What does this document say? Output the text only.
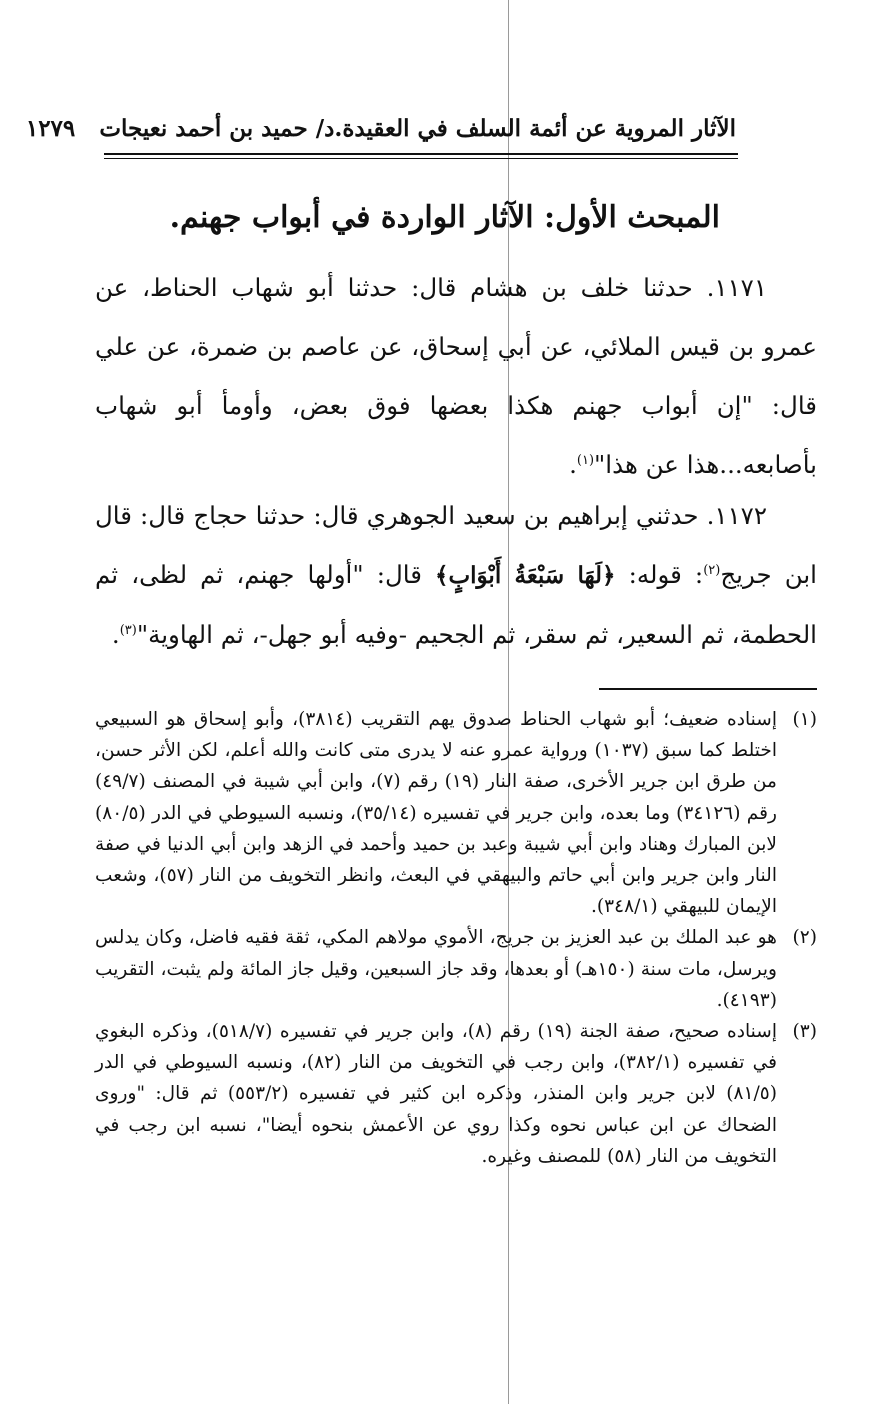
الآثار المروية عن أئمة السلف في العقيدة.د/ حميد بن أحمد نعيجات   ١٢٧٩
المبحث الأول: الآثار الواردة في أبواب جهنم.
١١٧١. حدثنا خلف بن هشام قال: حدثنا أبو شهاب الحناط، عن عمرو بن قيس الملائي، عن أبي إسحاق، عن عاصم بن ضمرة، عن علي قال: "إن أبواب جهنم هكذا بعضها فوق بعض، وأومأ أبو شهاب بأصابعه...هذا عن هذا"$^{(١)}$.
١١٧٢. حدثني إبراهيم بن سعيد الجوهري قال: حدثنا حجاج قال: قال ابن جريج$^{(٢)}$: قوله: ﴿لَهَا سَبْعَةُ أَبْوَابٍ﴾ قال: "أولها جهنم، ثم لظى، ثم الحطمة، ثم السعير، ثم سقر، ثم الجحيم -وفيه أبو جهل-، ثم الهاوية"$^{(٣)}$.
(١)
إسناده ضعيف؛ أبو شهاب الحناط صدوق يهم التقريب (٣٨١٤)، وأبو إسحاق هو السبيعي اختلط كما سبق (١٠٣٧) ورواية عمرو عنه لا يدرى متى كانت والله أعلم، لكن الأثر حسن، من طرق ابن جرير الأخرى، صفة النار (١٩) رقم (٧)، وابن أبي شيبة في المصنف (٤٩/٧) رقم (٣٤١٢٦) وما بعده، وابن جرير في تفسيره (٣٥/١٤)، ونسبه السيوطي في الدر (٨٠/٥) لابن المبارك وهناد وابن أبي شيبة وعبد بن حميد وأحمد في الزهد وابن أبي الدنيا في صفة النار وابن جرير وابن أبي حاتم والبيهقي في البعث، وانظر التخويف من النار (٥٧)، وشعب الإيمان للبيهقي (٣٤٨/١).
(٢)
هو عبد الملك بن عبد العزيز بن جريج، الأموي مولاهم المكي، ثقة فقيه فاضل، وكان يدلس ويرسل، مات سنة (١٥٠هـ) أو بعدها، وقد جاز السبعين، وقيل جاز المائة ولم يثبت، التقريب (٤١٩٣).
(٣)
إسناده صحيح، صفة الجنة (١٩) رقم (٨)، وابن جرير في تفسيره (٥١٨/٧)، وذكره البغوي في تفسيره (٣٨٢/١)، وابن رجب في التخويف من النار (٨٢)، ونسبه السيوطي في الدر (٨١/٥) لابن جرير وابن المنذر، وذكره ابن كثير في تفسيره (٥٥٣/٢) ثم قال: "وروى الضحاك عن ابن عباس نحوه وكذا روي عن الأعمش بنحوه أيضا"، نسبه ابن رجب في التخويف من النار (٥٨) للمصنف وغيره.
